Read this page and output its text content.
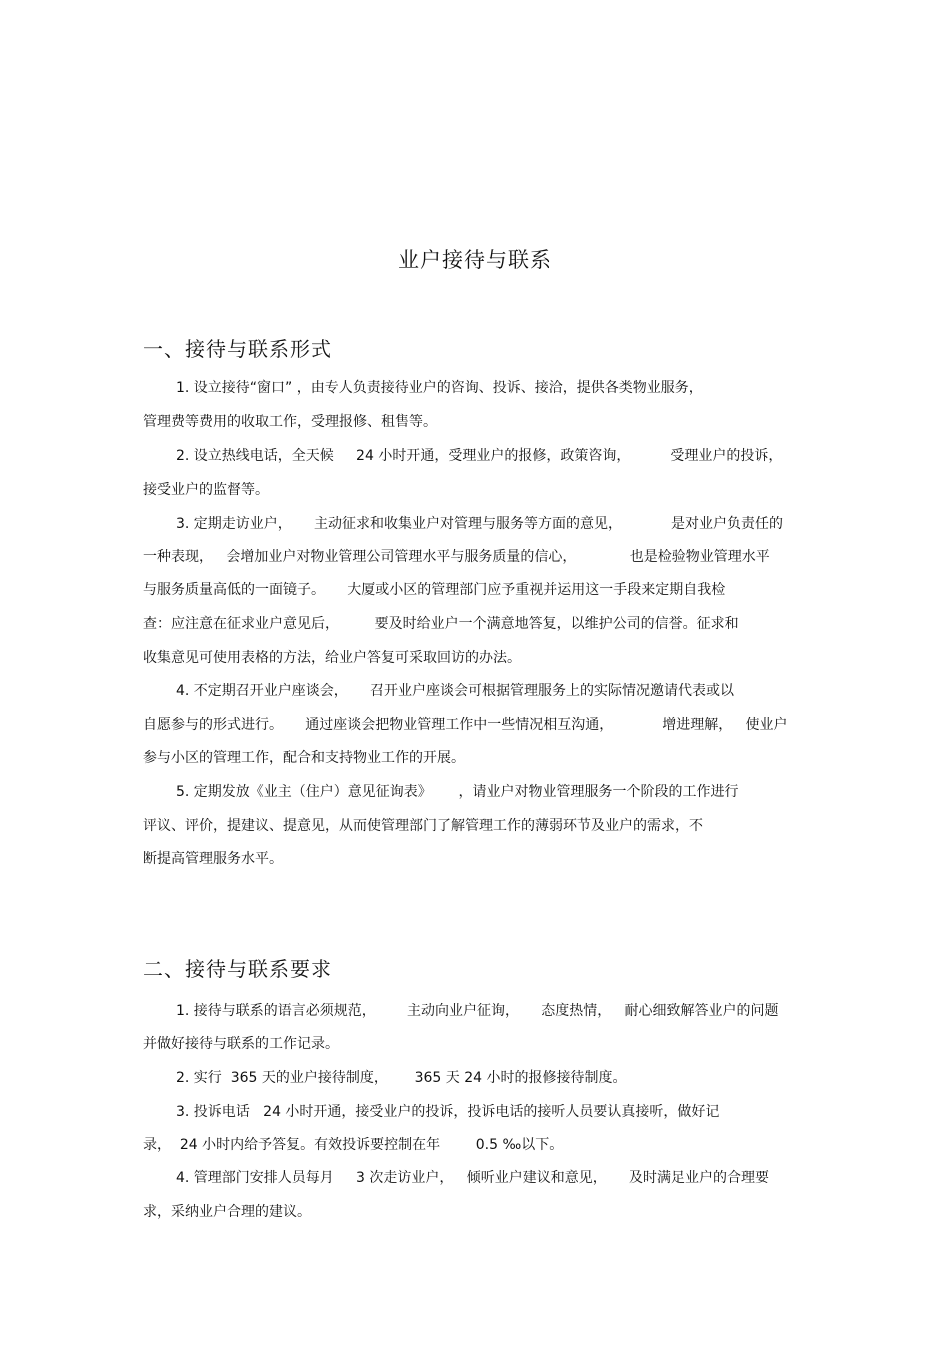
业户接待与联系
一、接待与联系形式
1. 设立接待“窗口” ，由专人负责接待业户的咨询、投诉、接洽，提供各类物业服务，
管理费等费用的收取工作，受理报修、租售等。
2. 设立热线电话，全天候     24 小时开通，受理业户的报修，政策咨询，         受理业户的投诉，
接受业户的监督等。
3. 定期走访业户，     主动征求和收集业户对管理与服务等方面的意见，           是对业户负责任的
一种表现，   会增加业户对物业管理公司管理水平与服务质量的信心，            也是检验物业管理水平
与服务质量高低的一面镜子。     大厦或小区的管理部门应予重视并运用这一手段来定期自我检
查：应注意在征求业户意见后，        要及时给业户一个满意地答复，以维护公司的信誉。征求和
收集意见可使用表格的方法，给业户答复可采取回访的办法。
4. 不定期召开业户座谈会，     召开业户座谈会可根据管理服务上的实际情况邀请代表或以
自愿参与的形式进行。     通过座谈会把物业管理工作中一些情况相互沟通，           增进理解，   使业户
参与小区的管理工作，配合和支持物业工作的开展。
5. 定期发放《业主（住户）意见征询表》      ，请业户对物业管理服务一个阶段的工作进行
评议、评价，提建议、提意见，从而使管理部门了解管理工作的薄弱环节及业户的需求，不
断提高管理服务水平。
二、接待与联系要求
1. 接待与联系的语言必须规范，       主动向业户征询，     态度热情，   耐心细致解答业户的问题
并做好接待与联系的工作记录。
2. 实行  365 天的业户接待制度，      365 天 24 小时的报修接待制度。
3. 投诉电话   24 小时开通，接受业户的投诉，投诉电话的接听人员要认真接听，做好记
录，  24 小时内给予答复。有效投诉要控制在年        0.5 ‰以下。
4. 管理部门安排人员每月     3 次走访业户，   倾听业户建议和意见，     及时满足业户的合理要
求，采纳业户合理的建议。
